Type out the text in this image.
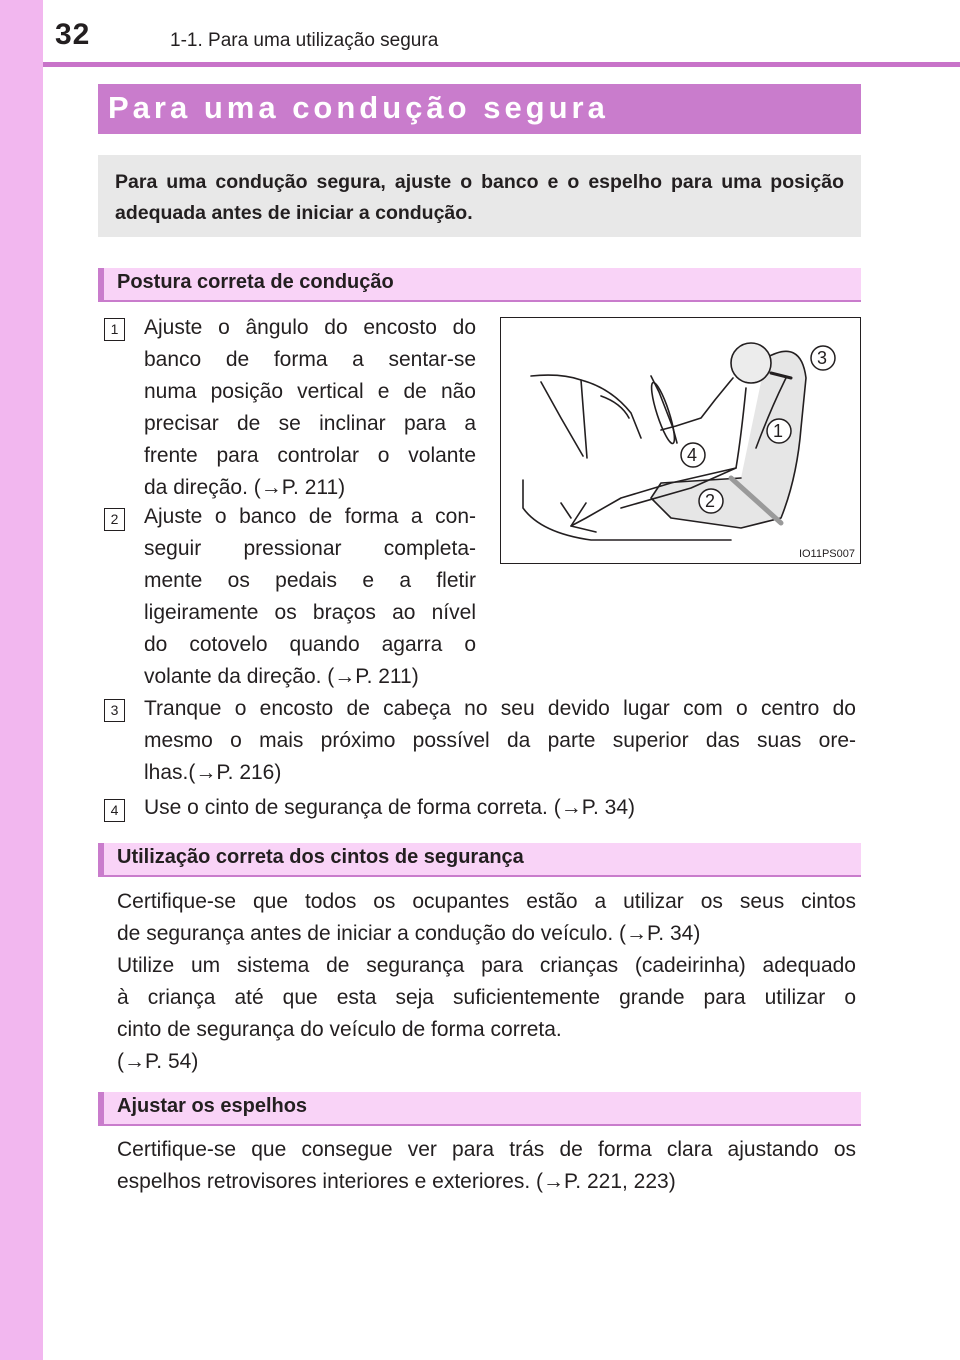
32	1-1. Para uma utilização segura
Para uma condução segura

Para uma condução segura, ajuste o banco e o espelho para uma posição adequada antes de iniciar a condução.

Postura correta de condução
1	Ajuste o ângulo do encosto do
banco de forma a sentar-se
numa posição vertical e de não
precisar de se inclinar para a
frente para controlar o volante
da direção. (→P. 211)
2	Ajuste o banco de forma a con-
seguir pressionar completa-
mente os pedais e a fletir
ligeiramente os braços ao nível
do cotovelo quando agarra o
volante da direção. (→P. 211)
3
1
4
2
IO11PS007
3	Tranque o encosto de cabeça no seu devido lugar com o centro do
mesmo o mais próximo possível da parte superior das suas ore-
lhas.(→P. 216)
4	Use o cinto de segurança de forma correta. (→P. 34)
Utilização correta dos cintos de segurança
Certifique-se que todos os ocupantes estão a utilizar os seus cintos
de segurança antes de iniciar a condução do veículo. (→P. 34)
Utilize um sistema de segurança para crianças (cadeirinha) adequado
à criança até que esta seja suficientemente grande para utilizar o
cinto de segurança do veículo de forma correta.
(→P. 54)
Ajustar os espelhos
Certifique-se que consegue ver para trás de forma clara ajustando os
espelhos retrovisores interiores e exteriores. (→P. 221, 223)
